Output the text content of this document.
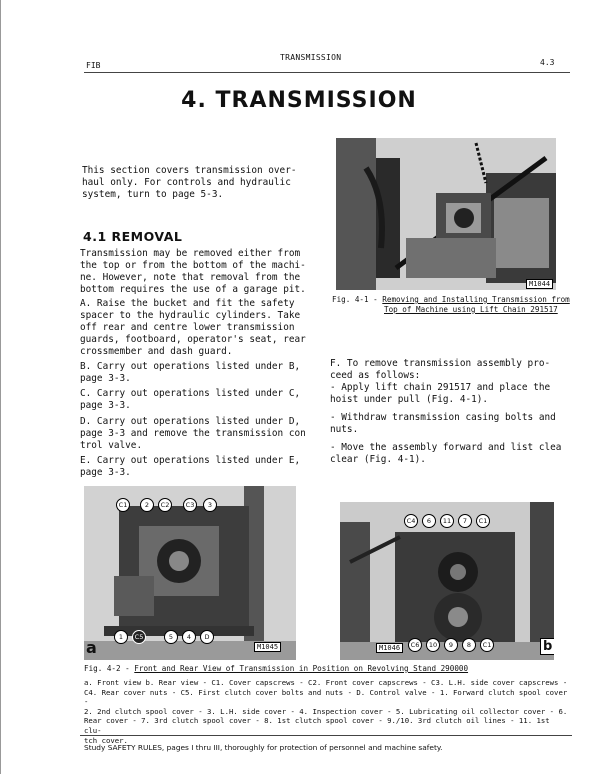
FIB
TRANSMISSION
4.3
4. TRANSMISSION
This section covers transmission over-
haul only. For controls and hydraulic
system, turn to page 5-3.
4.1 REMOVAL
Transmission may be removed either from
the top or from the bottom of the machi-
ne. However, note that removal from the
bottom requires the use of a garage pit.
A. Raise the bucket and fit the safety
spacer to the hydraulic cylinders. Take
off rear and centre lower transmission
guards, footboard, operator's seat, rear
crossmember and dash guard.
B. Carry out operations listed under B,
page 3-3.
C. Carry out operations listed under C,
page 3-3.
D. Carry out operations listed under D,
page 3-3 and remove the transmission con
trol valve.
E. Carry out operations listed under E,
page 3-3.
M1044
Fig. 4-1 - Removing and Installing Transmission from
Top of Machine using Lift Chain 291517
F. To remove transmission assembly pro-
ceed as follows:
- Apply lift chain 291517 and place the
hoist under pull (Fig. 4-1).
- Withdraw transmission casing bolts and
nuts.
- Move the assembly forward and list clea
clear (Fig. 4-1).
C1	2	C2	C3	3
1	C5	5	4	D
M1045
a
C4	6	11	7	C1
C6	10	9	8	C1
M1046	b
Fig. 4-2 - Front and Rear View of Transmission in Position on Revolving Stand 290000
a. Front view b. Rear view - C1. Cover capscrews - C2. Front cover capscrews - C3. L.H. side cover capscrews -
C4. Rear cover nuts - C5. First clutch cover bolts and nuts - D. Control valve - 1. Forward clutch spool cover -
2. 2nd clutch spool cover - 3. L.H. side cover - 4. Inspection cover - 5. Lubricating oil collector cover - 6.
Rear cover - 7. 3rd clutch spool cover - 8. 1st clutch spool cover - 9./10. 3rd clutch oil lines - 11. 1st clu-
tch cover.
Study SAFETY RULES, pages I thru III, thoroughly for protection of personnel and machine safety.
